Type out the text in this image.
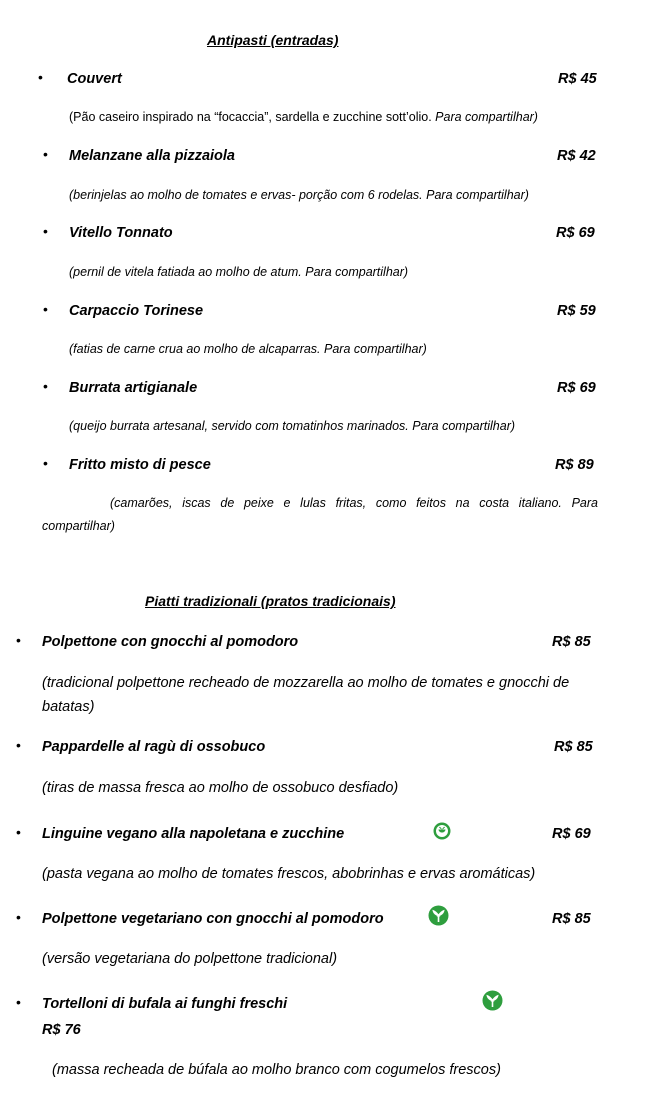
Antipasti (entradas)
• Couvert	R$ 45
(Pão caseiro inspirado na “focaccia”, sardella e zucchine sott’olio. Para compartilhar)
• Melanzane alla pizzaiola	R$ 42
(berinjelas ao molho de tomates e ervas- porção com 6 rodelas. Para compartilhar)
• Vitello Tonnato	R$ 69
(pernil de vitela fatiada ao molho de atum. Para compartilhar)
• Carpaccio Torinese	R$ 59
(fatias de carne crua ao molho de alcaparras. Para compartilhar)
• Burrata artigianale	R$ 69
(queijo burrata artesanal, servido com tomatinhos marinados. Para compartilhar)
• Fritto misto di pesce	R$ 89
(camarões, iscas de peixe e lulas fritas, como feitos na costa italiano. Para
compartilhar)
Piatti tradizionali (pratos tradicionais)
• Polpettone con gnocchi al pomodoro	R$ 85
(tradicional polpettone recheado de mozzarella ao molho de tomates e gnocchi de batatas)
• Pappardelle al ragù di ossobuco	R$ 85
(tiras de massa fresca ao molho de ossobuco desfiado)
• Linguine vegano alla napoletana e zucchine	R$ 69
(pasta vegana ao molho de tomates frescos, abobrinhas e ervas aromáticas)
• Polpettone vegetariano con gnocchi al pomodoro	R$ 85
(versão vegetariana do polpettone tradicional)
• Tortelloni di bufala ai funghi freschi
R$ 76
(massa recheada de búfala ao molho branco com cogumelos frescos)
